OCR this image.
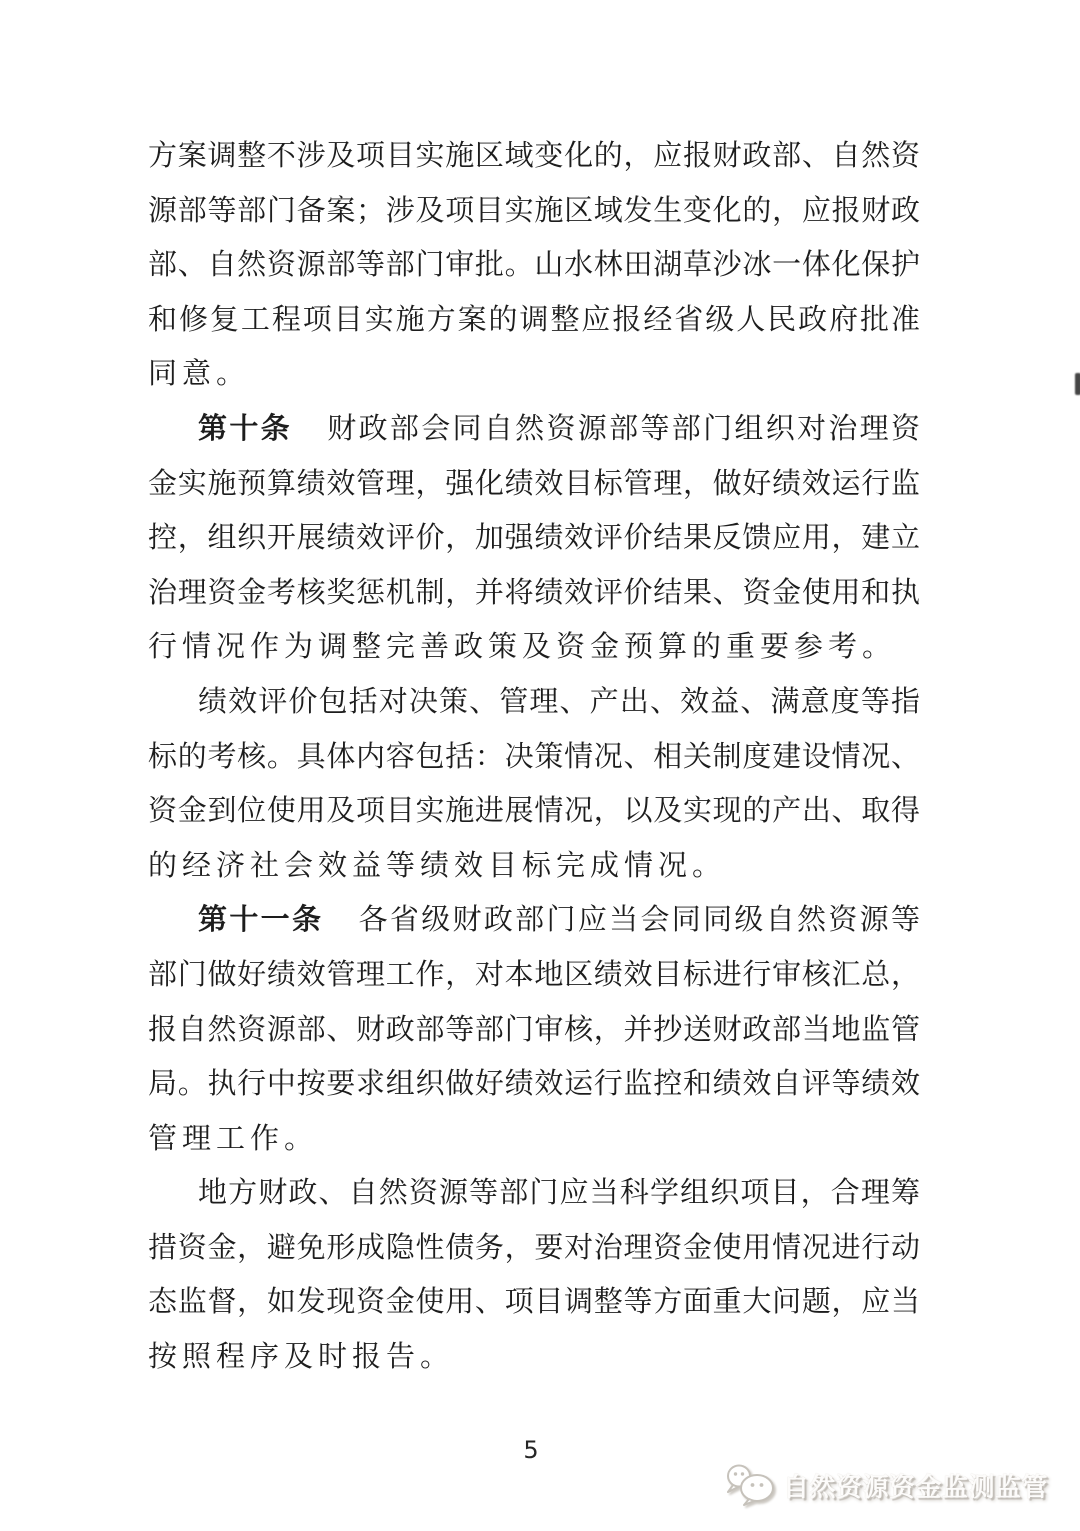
方案调整不涉及项目实施区域变化的，应报财政部、自然资
源部等部门备案；涉及项目实施区域发生变化的，应报财政
部、自然资源部等部门审批。山水林田湖草沙冰一体化保护
和修复工程项目实施方案的调整应报经省级人民政府批准
同意。
第十条 财政部会同自然资源部等部门组织对治理资
金实施预算绩效管理，强化绩效目标管理，做好绩效运行监
控，组织开展绩效评价，加强绩效评价结果反馈应用，建立
治理资金考核奖惩机制，并将绩效评价结果、资金使用和执
行情况作为调整完善政策及资金预算的重要参考。
绩效评价包括对决策、管理、产出、效益、满意度等指
标的考核。具体内容包括：决策情况、相关制度建设情况、
资金到位使用及项目实施进展情况，以及实现的产出、取得
的经济社会效益等绩效目标完成情况。
第十一条 各省级财政部门应当会同同级自然资源等
部门做好绩效管理工作，对本地区绩效目标进行审核汇总，
报自然资源部、财政部等部门审核，并抄送财政部当地监管
局。执行中按要求组织做好绩效运行监控和绩效自评等绩效
管理工作。
地方财政、自然资源等部门应当科学组织项目，合理筹
措资金，避免形成隐性债务，要对治理资金使用情况进行动
态监督，如发现资金使用、项目调整等方面重大问题，应当
按照程序及时报告。
5
自然资源资金监测监管
